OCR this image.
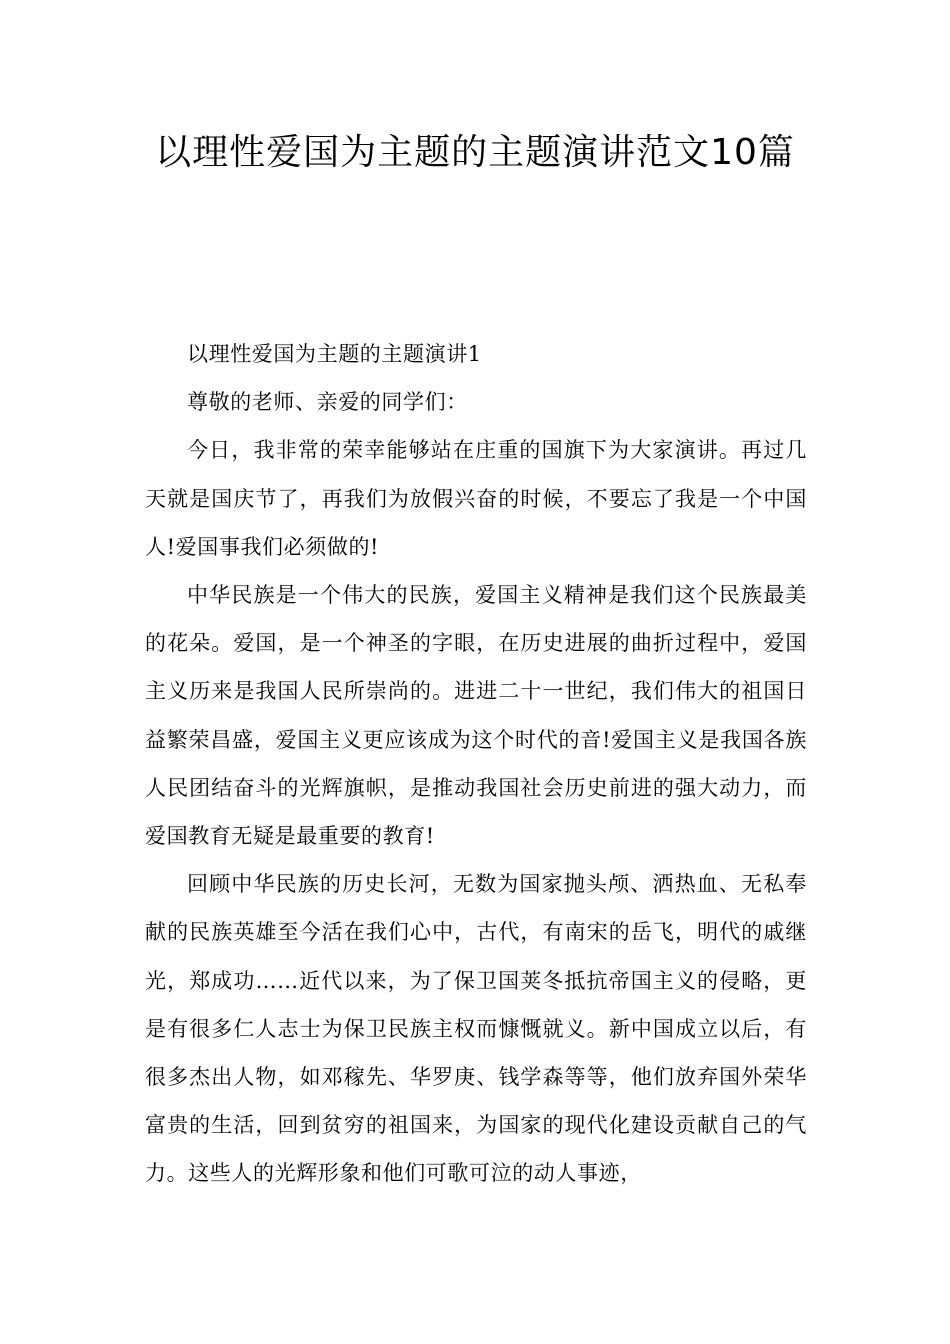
以理性爱国为主题的主题演讲范文10篇

以理性爱国为主题的主题演讲1

尊敬的老师、亲爱的同学们：

今日，我非常的荣幸能够站在庄重的国旗下为大家演讲。再过几天就是国庆节了，再我们为放假兴奋的时候，不要忘了我是一个中国人!爱国事我们必须做的!

中华民族是一个伟大的民族，爱国主义精神是我们这个民族最美的花朵。爱国，是一个神圣的字眼，在历史进展的曲折过程中，爱国主义历来是我国人民所崇尚的。进进二十一世纪，我们伟大的祖国日益繁荣昌盛，爱国主义更应该成为这个时代的音!爱国主义是我国各族人民团结奋斗的光辉旗帜，是推动我国社会历史前进的强大动力，而爱国教育无疑是最重要的教育!

回顾中华民族的历史长河，无数为国家抛头颅、洒热血、无私奉献的民族英雄至今活在我们心中，古代，有南宋的岳飞，明代的戚继光，郑成功……近代以来，为了保卫国荚冬抵抗帝国主义的侵略，更是有很多仁人志士为保卫民族主权而慷慨就义。新中国成立以后，有很多杰出人物，如邓稼先、华罗庚、钱学森等等，他们放弃国外荣华富贵的生活，回到贫穷的祖国来，为国家的现代化建设贡献自己的气力。这些人的光辉形象和他们可歌可泣的动人事迹，
